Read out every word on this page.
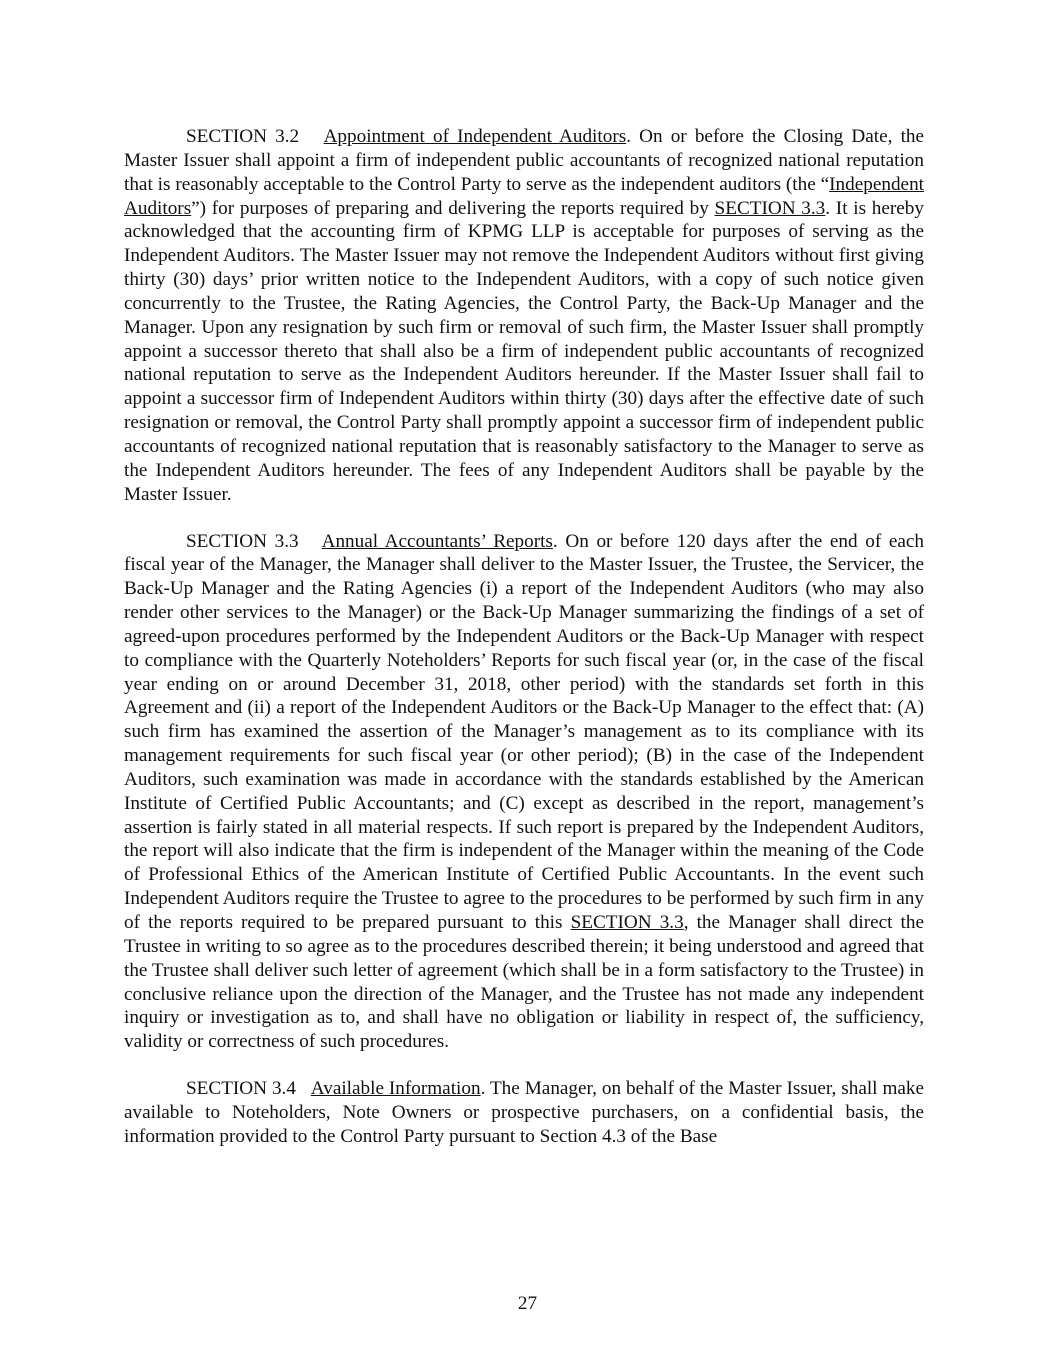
SECTION 3.2 Appointment of Independent Auditors. On or before the Closing Date, the Master Issuer shall appoint a firm of independent public accountants of recognized national reputation that is reasonably acceptable to the Control Party to serve as the independent auditors (the “Independent Auditors”) for purposes of preparing and delivering the reports required by SECTION 3.3. It is hereby acknowledged that the accounting firm of KPMG LLP is acceptable for purposes of serving as the Independent Auditors. The Master Issuer may not remove the Independent Auditors without first giving thirty (30) days’ prior written notice to the Independent Auditors, with a copy of such notice given concurrently to the Trustee, the Rating Agencies, the Control Party, the Back-Up Manager and the Manager. Upon any resignation by such firm or removal of such firm, the Master Issuer shall promptly appoint a successor thereto that shall also be a firm of independent public accountants of recognized national reputation to serve as the Independent Auditors hereunder. If the Master Issuer shall fail to appoint a successor firm of Independent Auditors within thirty (30) days after the effective date of such resignation or removal, the Control Party shall promptly appoint a successor firm of independent public accountants of recognized national reputation that is reasonably satisfactory to the Manager to serve as the Independent Auditors hereunder. The fees of any Independent Auditors shall be payable by the Master Issuer.

SECTION 3.3 Annual Accountants’ Reports. On or before 120 days after the end of each fiscal year of the Manager, the Manager shall deliver to the Master Issuer, the Trustee, the Servicer, the Back-Up Manager and the Rating Agencies (i) a report of the Independent Auditors (who may also render other services to the Manager) or the Back-Up Manager summarizing the findings of a set of agreed-upon procedures performed by the Independent Auditors or the Back-Up Manager with respect to compliance with the Quarterly Noteholders’ Reports for such fiscal year (or, in the case of the fiscal year ending on or around December 31, 2018, other period) with the standards set forth in this Agreement and (ii) a report of the Independent Auditors or the Back-Up Manager to the effect that: (A) such firm has examined the assertion of the Manager’s management as to its compliance with its management requirements for such fiscal year (or other period); (B) in the case of the Independent Auditors, such examination was made in accordance with the standards established by the American Institute of Certified Public Accountants; and (C) except as described in the report, management’s assertion is fairly stated in all material respects. If such report is prepared by the Independent Auditors, the report will also indicate that the firm is independent of the Manager within the meaning of the Code of Professional Ethics of the American Institute of Certified Public Accountants. In the event such Independent Auditors require the Trustee to agree to the procedures to be performed by such firm in any of the reports required to be prepared pursuant to this SECTION 3.3, the Manager shall direct the Trustee in writing to so agree as to the procedures described therein; it being understood and agreed that the Trustee shall deliver such letter of agreement (which shall be in a form satisfactory to the Trustee) in conclusive reliance upon the direction of the Manager, and the Trustee has not made any independent inquiry or investigation as to, and shall have no obligation or liability in respect of, the sufficiency, validity or correctness of such procedures.

SECTION 3.4 Available Information. The Manager, on behalf of the Master Issuer, shall make available to Noteholders, Note Owners or prospective purchasers, on a confidential basis, the information provided to the Control Party pursuant to Section 4.3 of the Base

27
